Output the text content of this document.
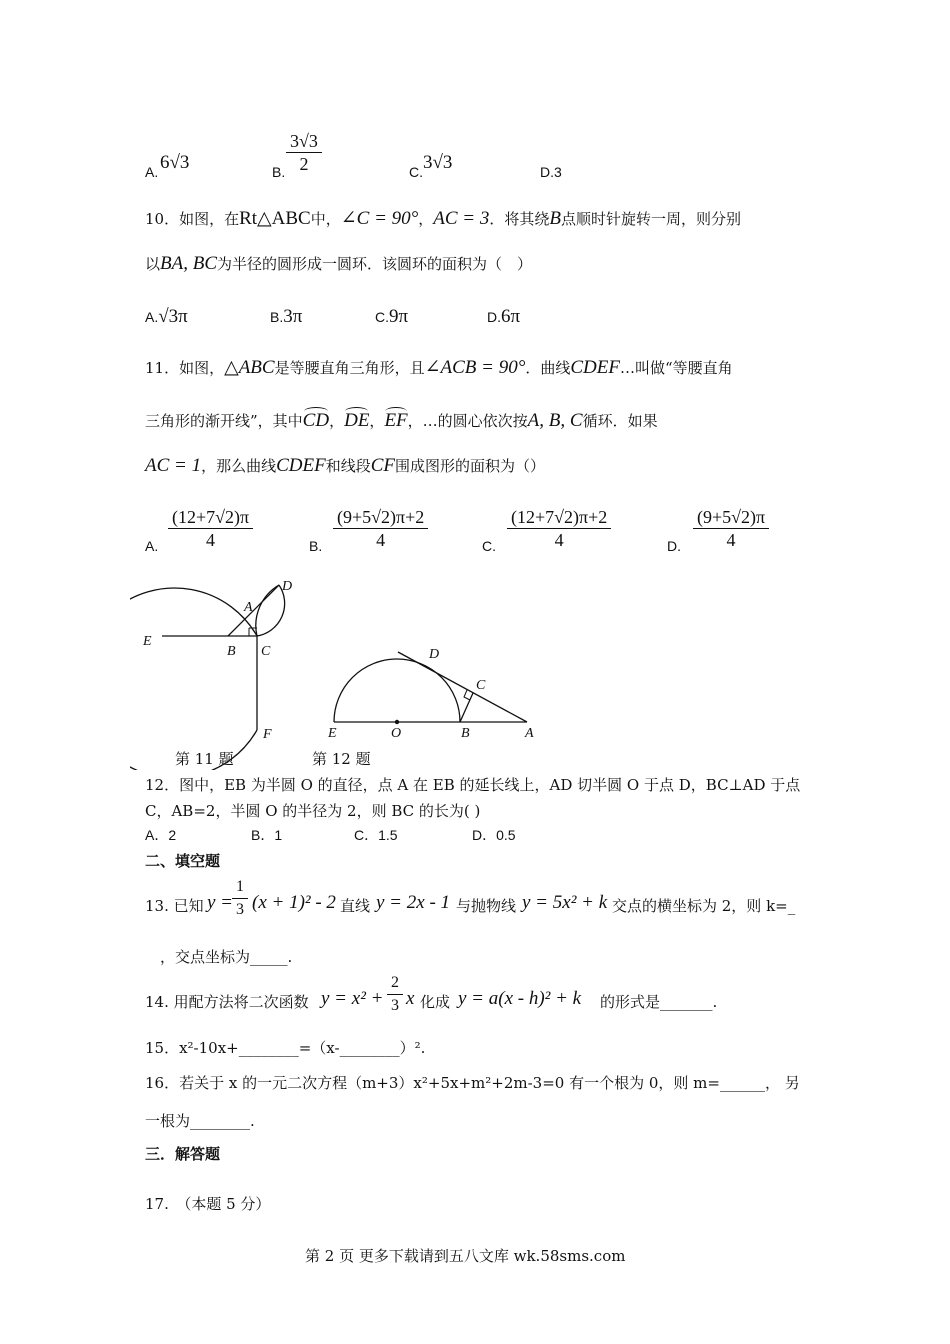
A. 6√3	B. $\frac{3√3}{2}$	C. 3√3	D.3
10．如图，在Rt△ABC中，∠C = 90°，AC = 3．将其绕B点顺时针旋转一周，则分别
以BA, BC为半径的圆形成一圆环．该圆环的面积为（　）
A.√3π	B.3π	C.9π	D.6π
11．如图，△ABC是等腰直角三角形，且∠ACB = 90°．曲线CDEF…叫做“等腰直角
三角形的渐开线”，其中CD，DE，EF，…的圆心依次按A, B, C循环．如果
AC = 1，那么曲线CDEF和线段CF围成图形的面积为（）
A. $\frac{(12+7√2)\pi}{4}$	B. $\frac{(9+5√2)\pi+2}{4}$	C. $\frac{(12+7√2)\pi+2}{4}$	D. $\frac{(9+5√2)\pi}{4}$
A
B C
D
E
F
D
C
E	O	B	A
第 11 题	第 12 题
12．图中，EB 为半圆 O 的直径，点 A 在 EB 的延长线上，AD 切半圆 O 于点 D，BC⊥AD 于点
C，AB=2，半圆 O 的半径为 2，则 BC 的长为( )
A．2	B．1	C．1.5	D．0.5
二、填空题
13. 已知 y =
$\frac{1}{3} (x + 1)^2 - 2$ 直线 y = 2x - 1 与抛物线 y = 5x² + k 交点的横坐标为 2，则 k=_
，交点坐标为_____.
14. 用配方法将二次函数 $y = x^2 + \frac{2}{3}$ x 化成 y = a(x - h)² + k 的形式是_______.
15．x²-10x+________=（x-________）².
16．若关于 x 的一元二次方程（m+3）x²+5x+m²+2m-3=0 有一个根为 0，则 m=______， 另
一根为________.
三．解答题
17.　（本题 5 分）
第 2 页 更多下载请到五八文库 wk.58sms.com
